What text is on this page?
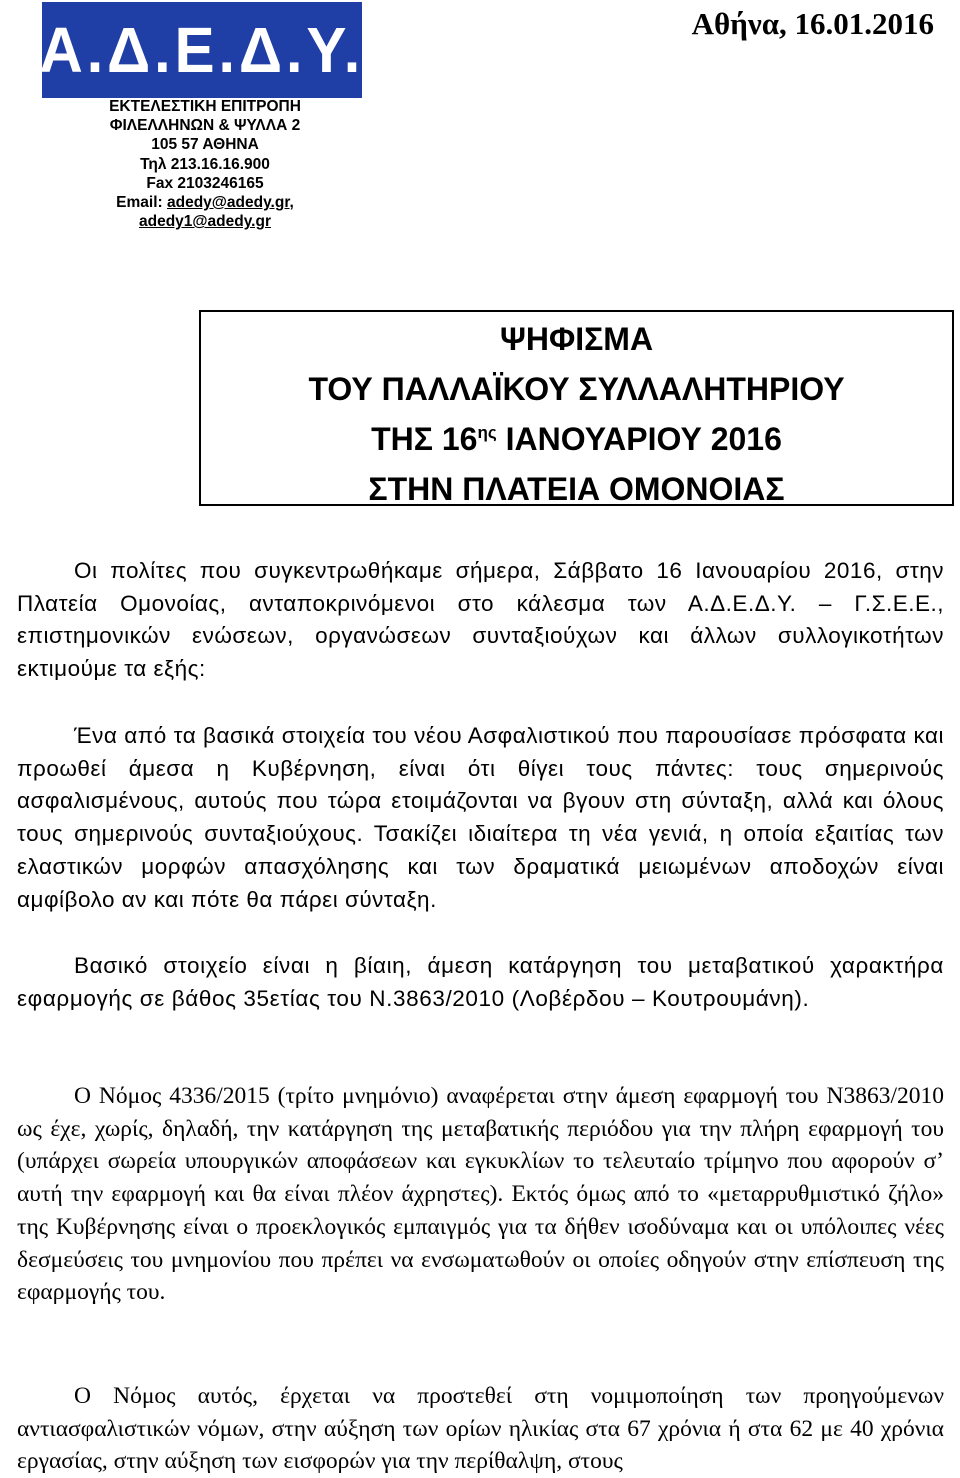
Α.Δ.Ε.Δ.Υ.	Αθήνα, 16.01.2016
ΕΚΤΕΛΕΣΤΙΚΗ ΕΠΙΤΡΟΠΗ
ΦΙΛΕΛΛΗΝΩΝ & ΨΥΛΛΑ 2
105 57 ΑΘΗΝΑ
Τηλ 213.16.16.900
Fax 2103246165
Email: adedy@adedy.gr,
adedy1@adedy.gr
ΨΗΦΙΣΜΑ
ΤΟΥ ΠΑΛΛΑΪΚΟΥ ΣΥΛΛΑΛΗΤΗΡΙΟΥ
ΤΗΣ $16^{\eta\varsigma}$ ΙΑΝΟΥΑΡΙΟΥ 2016
ΣΤΗΝ ΠΛΑΤΕΙΑ ΟΜΟΝΟΙΑΣ
Οι πολίτες που συγκεντρωθήκαμε σήμερα, Σάββατο 16 Ιανουαρίου 2016, στην Πλατεία Ομονοίας, ανταποκρινόμενοι στο κάλεσμα των Α.Δ.Ε.Δ.Υ. – Γ.Σ.Ε.Ε., επιστημονικών ενώσεων, οργανώσεων συνταξιούχων και άλλων συλλογικοτήτων εκτιμούμε τα εξής:
Ένα από τα βασικά στοιχεία του νέου Ασφαλιστικού που παρουσίασε πρόσφατα και προωθεί άμεσα η Κυβέρνηση, είναι ότι θίγει τους πάντες: τους σημερινούς ασφαλισμένους, αυτούς που τώρα ετοιμάζονται να βγουν στη σύνταξη, αλλά και όλους τους σημερινούς συνταξιούχους. Τσακίζει ιδιαίτερα τη νέα γενιά, η οποία εξαιτίας των ελαστικών μορφών απασχόλησης και των δραματικά μειωμένων αποδοχών είναι αμφίβολο αν και πότε θα πάρει σύνταξη.
Βασικό στοιχείο είναι η βίαιη, άμεση κατάργηση του μεταβατικού χαρακτήρα εφαρμογής σε βάθος 35ετίας του Ν.3863/2010 (Λοβέρδου – Κουτρουμάνη).
Ο Νόμος 4336/2015 (τρίτο μνημόνιο) αναφέρεται στην άμεση εφαρμογή του Ν3863/2010 ως έχε, χωρίς, δηλαδή, την κατάργηση της μεταβατικής περιόδου για την πλήρη εφαρμογή του (υπάρχει σωρεία υπουργικών αποφάσεων και εγκυκλίων το τελευταίο τρίμηνο που αφορούν σ’ αυτή την εφαρμογή και θα είναι πλέον άχρηστες). Εκτός όμως από το «μεταρρυθμιστικό ζήλο» της Κυβέρνησης είναι ο προεκλογικός εμπαιγμός για τα δήθεν ισοδύναμα και οι υπόλοιπες νέες δεσμεύσεις του μνημονίου που πρέπει να ενσωματωθούν οι οποίες οδηγούν στην επίσπευση της εφαρμογής του.
Ο Νόμος αυτός, έρχεται να προστεθεί στη νομιμοποίηση των προηγούμενων αντιασφαλιστικών νόμων, στην αύξηση των ορίων ηλικίας στα 67 χρόνια ή στα 62 με 40 χρόνια εργασίας, στην αύξηση των εισφορών για την περίθαλψη, στους
